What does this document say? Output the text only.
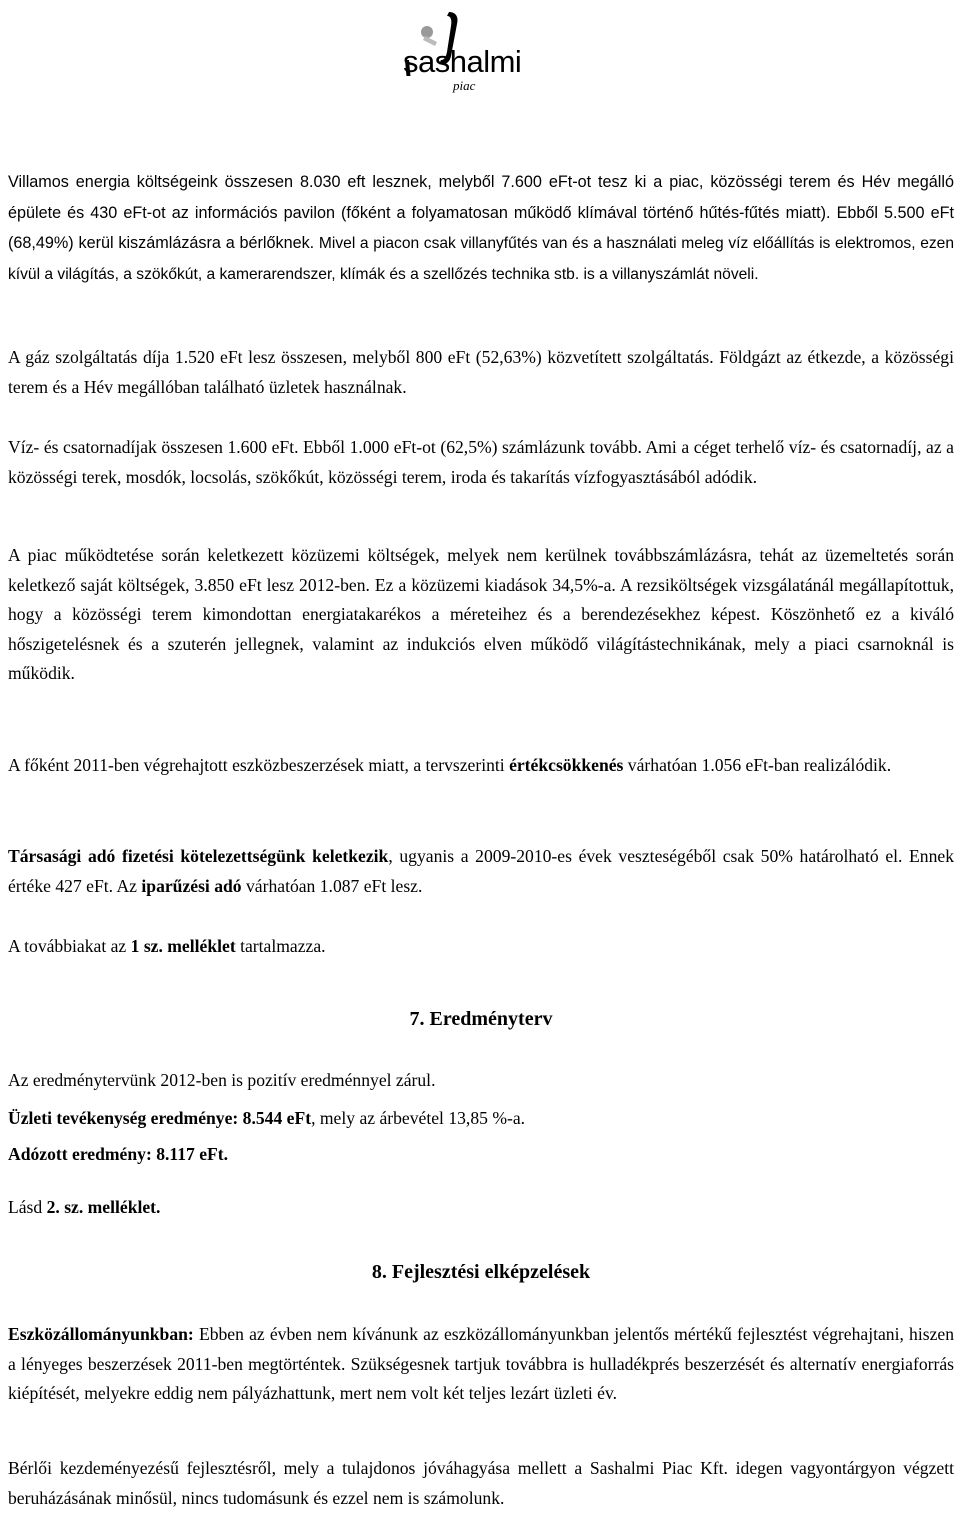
sashalmi
piac

Villamos energia költségeink összesen 8.030 eft lesznek, melyből 7.600 eFt-ot tesz ki a piac, közösségi terem és Hév megálló épülete és 430 eFt-ot az információs pavilon (főként a folyamatosan működő klímával történő hűtés-fűtés miatt). Ebből 5.500 eFt (68,49%) kerül kiszámlázásra a bérlőknek. Mivel a piacon csak villanyfűtés van és a használati meleg víz előállítás is elektromos, ezen kívül a világítás, a szökőkút, a kamerarendszer, klímák és a szellőzés technika stb. is a villanyszámlát növeli.

A gáz szolgáltatás díja 1.520 eFt lesz összesen, melyből 800 eFt (52,63%) közvetített szolgáltatás. Földgázt az étkezde, a közösségi terem és a Hév megállóban található üzletek használnak.

Víz- és csatornadíjak összesen 1.600 eFt. Ebből 1.000 eFt-ot (62,5%) számlázunk tovább. Ami a céget terhelő víz- és csatornadíj, az a közösségi terek, mosdók, locsolás, szökőkút, közösségi terem, iroda és takarítás vízfogyasztásából adódik.

A piac működtetése során keletkezett közüzemi költségek, melyek nem kerülnek továbbszámlázásra, tehát az üzemeltetés során keletkező saját költségek, 3.850 eFt lesz 2012-ben. Ez a közüzemi kiadások 34,5%-a. A rezsiköltségek vizsgálatánál megállapítottuk, hogy a közösségi terem kimondottan energiatakarékos a méreteihez és a berendezésekhez képest. Köszönhető ez a kiváló hőszigetelésnek és a szuterén jellegnek, valamint az indukciós elven működő világítástechnikának, mely a piaci csarnoknál is működik.

A főként 2011-ben végrehajtott eszközbeszerzések miatt, a tervszerinti értékcsökkenés várhatóan 1.056 eFt-ban realizálódik.

Társasági adó fizetési kötelezettségünk keletkezik, ugyanis a 2009-2010-es évek veszteségéből csak 50% határolható el. Ennek értéke 427 eFt. Az iparűzési adó várhatóan 1.087 eFt lesz.

A továbbiakat az 1 sz. melléklet tartalmazza.

7. Eredményterv

Az eredménytervünk 2012-ben is pozitív eredménnyel zárul.

Üzleti tevékenység eredménye: 8.544 eFt, mely az árbevétel 13,85 %-a.

Adózott eredmény: 8.117 eFt.

Lásd 2. sz. melléklet.

8. Fejlesztési elképzelések

Eszközállományunkban: Ebben az évben nem kívánunk az eszközállományunkban jelentős mértékű fejlesztést végrehajtani, hiszen a lényeges beszerzések 2011-ben megtörténtek. Szükségesnek tartjuk továbbra is hulladékprés beszerzését és alternatív energiaforrás kiépítését, melyekre eddig nem pályázhattunk, mert nem volt két teljes lezárt üzleti év.

Bérlői kezdeményezésű fejlesztésről, mely a tulajdonos jóváhagyása mellett a Sashalmi Piac Kft. idegen vagyontárgyon végzett beruházásának minősül, nincs tudomásunk és ezzel nem is számolunk.
